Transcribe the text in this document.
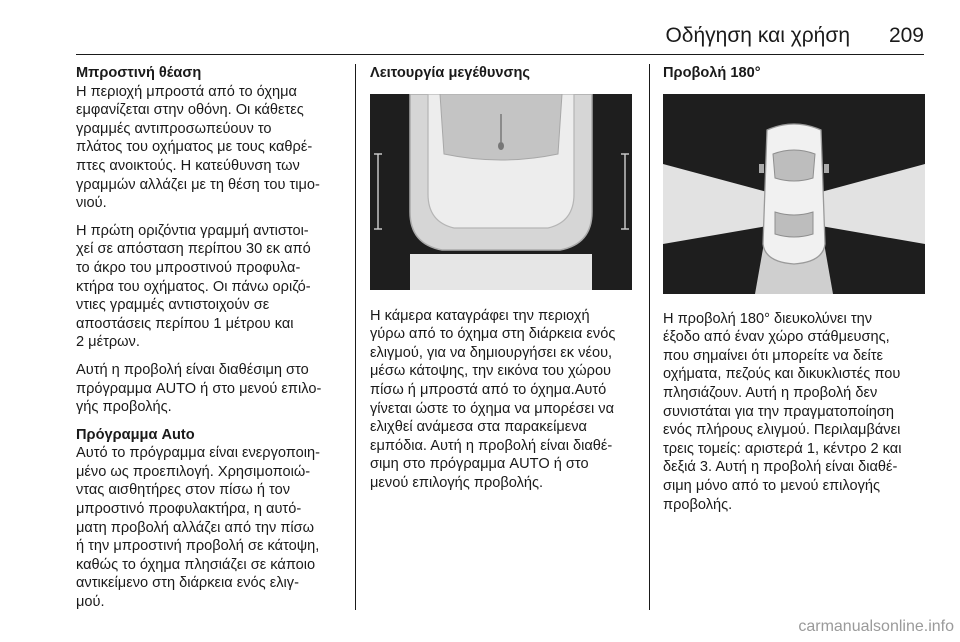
Οδήγηση και χρήση 209
Μπροστινή θέαση

Η περιοχή μπροστά από το όχημα
εμφανίζεται στην οθόνη. Οι κάθετες
γραμμές αντιπροσωπεύουν το
πλάτος του οχήματος με τους καθρέ-
πτες ανοικτούς. Η κατεύθυνση των
γραμμών αλλάζει με τη θέση του τιμο-
νιού.

Η πρώτη οριζόντια γραμμή αντιστοι-
χεί σε απόσταση περίπου 30 εκ από
το άκρο του μπροστινού προφυλα-
κτήρα του οχήματος. Οι πάνω οριζό-
ντιες γραμμές αντιστοιχούν σε
αποστάσεις περίπου 1 μέτρου και
2 μέτρων.

Αυτή η προβολή είναι διαθέσιμη στο
πρόγραμμα AUTO ή στο μενού επιλο-
γής προβολής.

Πρόγραμμα Auto

Αυτό το πρόγραμμα είναι ενεργοποιη-
μένο ως προεπιλογή. Χρησιμοποιώ-
ντας αισθητήρες στον πίσω ή τον
μπροστινό προφυλακτήρα, η αυτό-
ματη προβολή αλλάζει από την πίσω
ή την μπροστινή προβολή σε κάτοψη,
καθώς το όχημα πλησιάζει σε κάποιο
αντικείμενο στη διάρκεια ενός ελιγ-
μού.

Λειτουργία μεγέθυνσης

Η κάμερα καταγράφει την περιοχή
γύρω από το όχημα στη διάρκεια ενός
ελιγμού, για να δημιουργήσει εκ νέου,
μέσω κάτοψης, την εικόνα του χώρου
πίσω ή μπροστά από το όχημα.Αυτό
γίνεται ώστε το όχημα να μπορέσει να
ελιχθεί ανάμεσα στα παρακείμενα
εμπόδια. Αυτή η προβολή είναι διαθέ-
σιμη στο πρόγραμμα AUTO ή στο
μενού επιλογής προβολής.

Προβολή 180°

Η προβολή 180° διευκολύνει την
έξοδο από έναν χώρο στάθμευσης,
που σημαίνει ότι μπορείτε να δείτε
οχήματα, πεζούς και δικυκλιστές που
πλησιάζουν. Αυτή η προβολή δεν
συνιστάται για την πραγματοποίηση
ενός πλήρους ελιγμού. Περιλαμβάνει
τρεις τομείς: αριστερά 1, κέντρο 2 και
δεξιά 3. Αυτή η προβολή είναι διαθέ-
σιμη μόνο από το μενού επιλογής
προβολής.

carmanualsonline.info
